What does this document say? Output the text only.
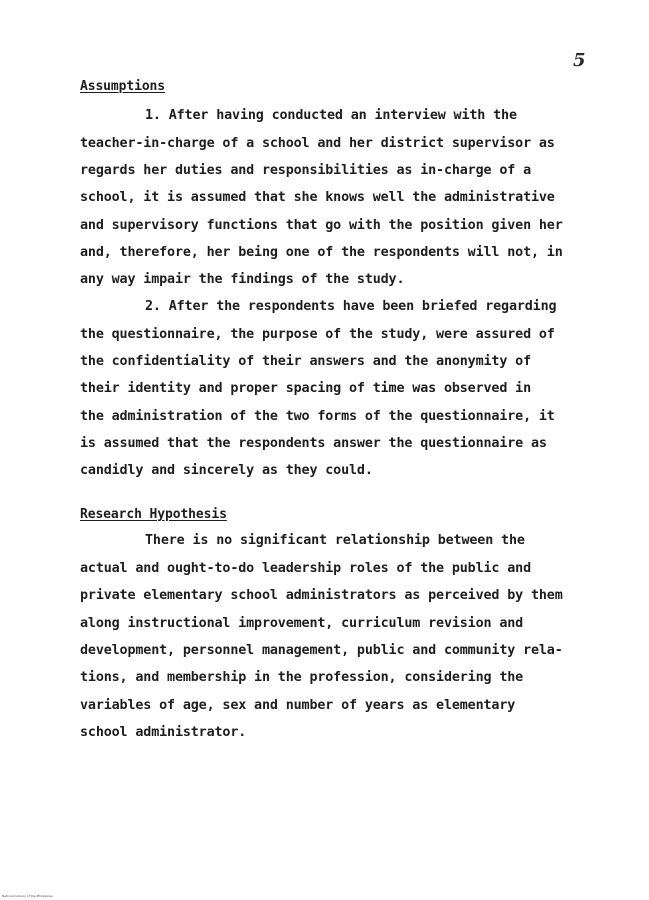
5
Assumptions
1. After having conducted an interview with the
teacher-in-charge of a school and her district supervisor as
regards her duties and responsibilities as in-charge of a
school, it is assumed that she knows well the administrative
and supervisory functions that go with the position given her
and, therefore, her being one of the respondents will not, in
any way impair the findings of the study.
2. After the respondents have been briefed regarding
the questionnaire, the purpose of the study, were assured of
the confidentiality of their answers and the anonymity of
their identity and proper spacing of time was observed in
the administration of the two forms of the questionnaire, it
is assumed that the respondents answer the questionnaire as
candidly and sincerely as they could.
Research Hypothesis
There is no significant relationship between the
actual and ought-to-do leadership roles of the public and
private elementary school administrators as perceived by them
along instructional improvement, curriculum revision and
development, personnel management, public and community rela-
tions, and membership in the profession, considering the
variables of age, sex and number of years as elementary
school administrator.
National Library of the Philippines
